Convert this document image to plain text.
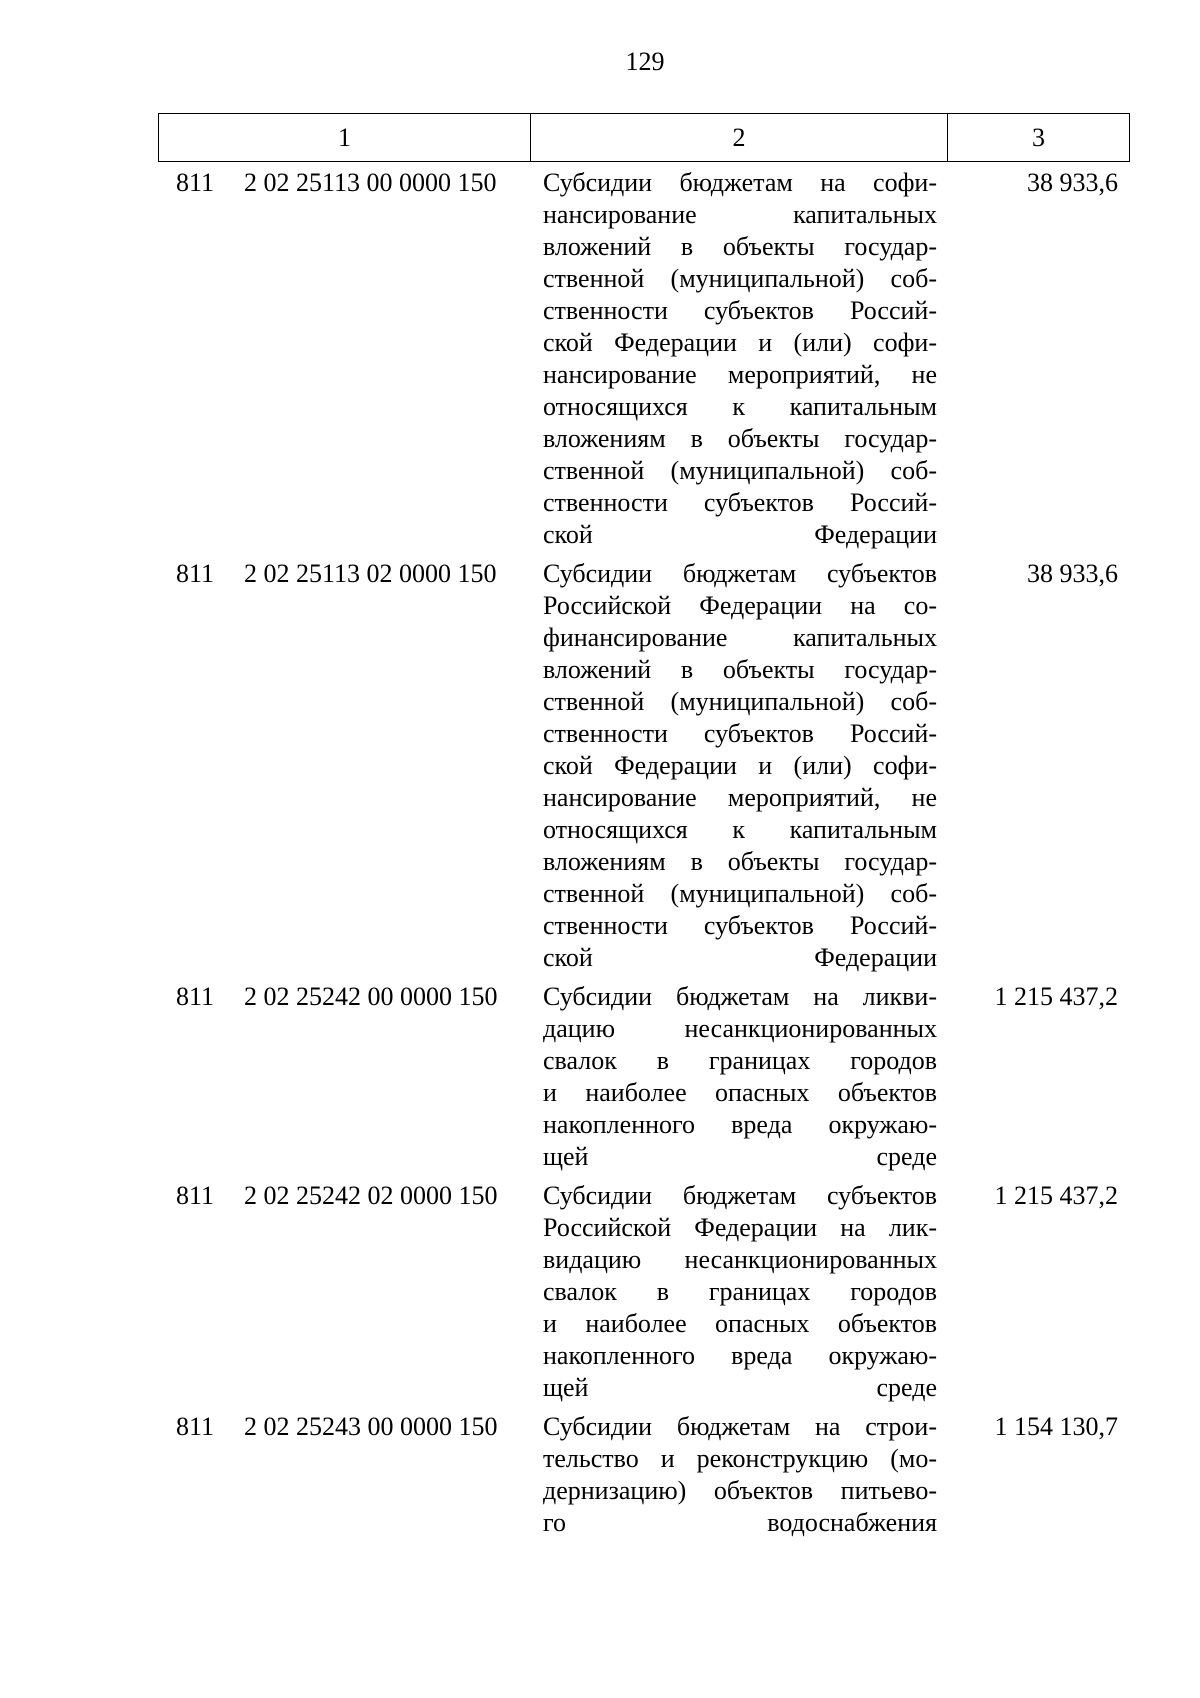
129
1	2	3
811 2 02 25113 00 0000 150 Субсидии бюджетам на софи-
нансирование капитальных
вложений в объекты государ-
ственной (муниципальной) соб-
ственности субъектов Россий-
ской Федерации и (или) софи-
нансирование мероприятий, не
относящихся к капитальным
вложениям в объекты государ-
ственной (муниципальной) соб-
ственности субъектов Россий-
ской Федерации
38 933,6
811 2 02 25113 02 0000 150 Субсидии бюджетам субъектов
Российской Федерации на со-
финансирование капитальных
вложений в объекты государ-
ственной (муниципальной) соб-
ственности субъектов Россий-
ской Федерации и (или) софи-
нансирование мероприятий, не
относящихся к капитальным
вложениям в объекты государ-
ственной (муниципальной) соб-
ственности субъектов Россий-
ской Федерации
38 933,6
811 2 02 25242 00 0000 150 Субсидии бюджетам на ликви-
дацию несанкционированных
свалок в границах городов
и наиболее опасных объектов
накопленного вреда окружаю-
щей среде
1 215 437,2
811 2 02 25242 02 0000 150 Субсидии бюджетам субъектов
Российской Федерации на лик-
видацию несанкционированных
свалок в границах городов
и наиболее опасных объектов
накопленного вреда окружаю-
щей среде
1 215 437,2
811 2 02 25243 00 0000 150 Субсидии бюджетам на строи-
тельство и реконструкцию (мо-
дернизацию) объектов питьево-
го водоснабжения
1 154 130,7
